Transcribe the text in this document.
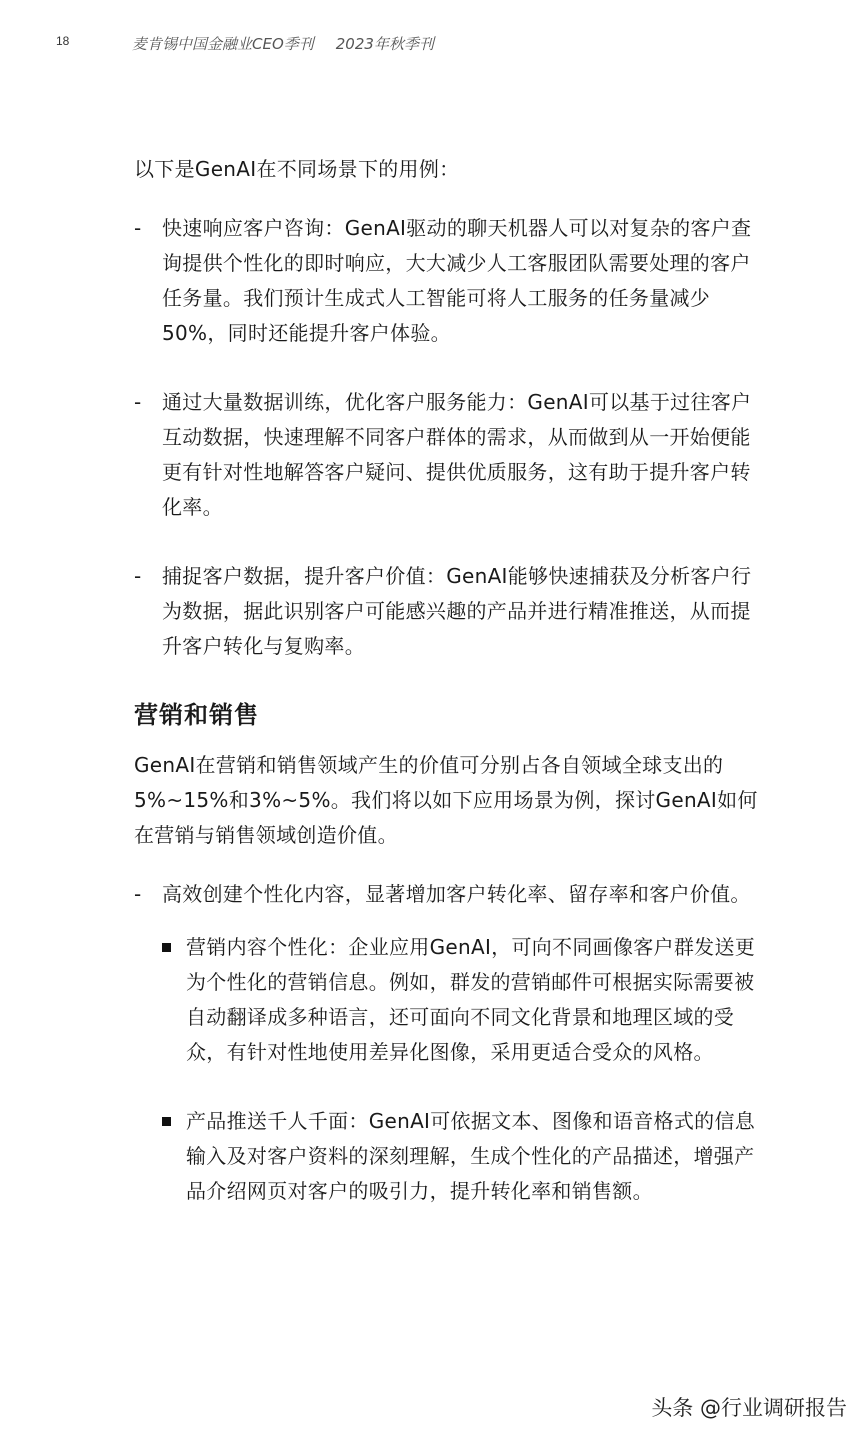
18	麦肯锡中国金融业CEO季刊 2023年秋季刊

以下是GenAI在不同场景下的用例：

- 快速响应客户咨询：GenAI驱动的聊天机器人可以对复杂的客户查询提供个性化的即时响应，大大减少人工客服团队需要处理的客户任务量。我们预计生成式人工智能可将人工服务的任务量减少50%，同时还能提升客户体验。

- 通过大量数据训练，优化客户服务能力：GenAI可以基于过往客户互动数据，快速理解不同客户群体的需求，从而做到从一开始便能更有针对性地解答客户疑问、提供优质服务，这有助于提升客户转化率。

- 捕捉客户数据，提升客户价值：GenAI能够快速捕获及分析客户行为数据，据此识别客户可能感兴趣的产品并进行精准推送，从而提升客户转化与复购率。

营销和销售

GenAI在营销和销售领域产生的价值可分别占各自领域全球支出的5%~15%和3%~5%。我们将以如下应用场景为例，探讨GenAI如何在营销与销售领域创造价值。

- 高效创建个性化内容，显著增加客户转化率、留存率和客户价值。

营销内容个性化：企业应用GenAI，可向不同画像客户群发送更为个性化的营销信息。例如，群发的营销邮件可根据实际需要被自动翻译成多种语言，还可面向不同文化背景和地理区域的受众，有针对性地使用差异化图像，采用更适合受众的风格。

产品推送千人千面：GenAI可依据文本、图像和语音格式的信息输入及对客户资料的深刻理解，生成个性化的产品描述，增强产品介绍网页对客户的吸引力，提升转化率和销售额。

头条 @行业调研报告
